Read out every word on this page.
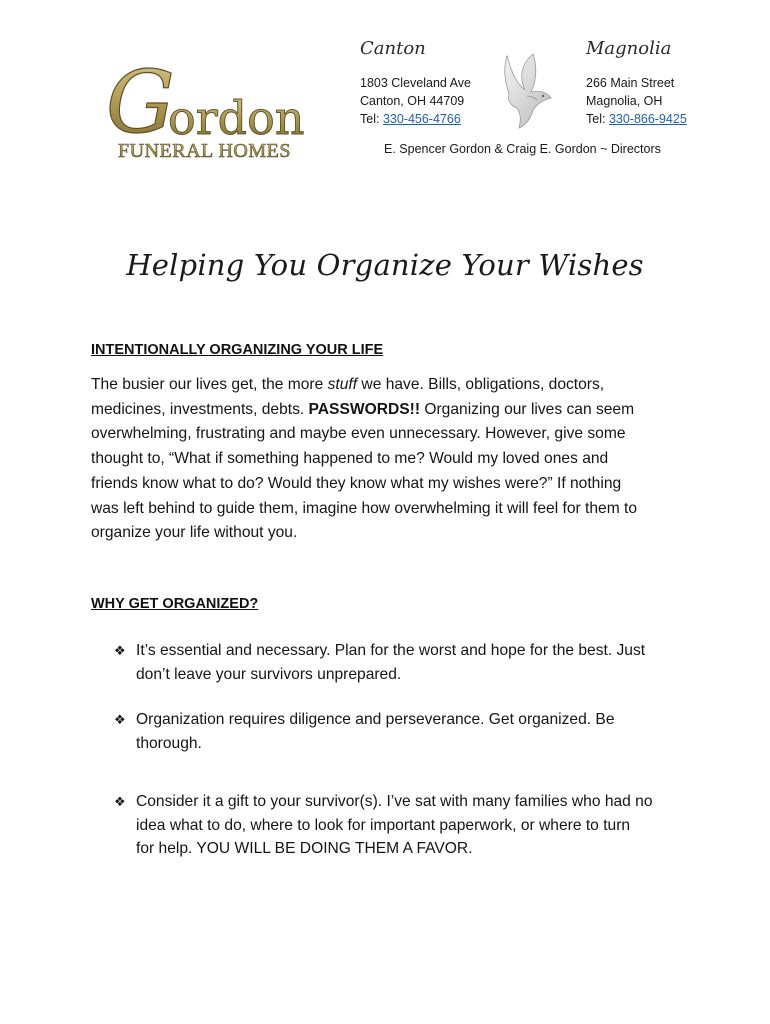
G
ordon
FUNERAL HOMES
Canton
1803 Cleveland Ave
Canton, OH 44709
Tel: 330-456-4766
Magnolia
266 Main Street
Magnolia, OH
Tel: 330-866-9425
E. Spencer Gordon & Craig E. Gordon ~ Directors
Helping You Organize Your Wishes
INTENTIONALLY ORGANIZING YOUR LIFE
The busier our lives get, the more stuff we have. Bills, obligations, doctors,
medicines, investments, debts. PASSWORDS!! Organizing our lives can seem
overwhelming, frustrating and maybe even unnecessary. However, give some
thought to, “What if something happened to me? Would my loved ones and
friends know what to do? Would they know what my wishes were?” If nothing
was left behind to guide them, imagine how overwhelming it will feel for them to
organize your life without you.
WHY GET ORGANIZED?
❖ It’s essential and necessary. Plan for the worst and hope for the best. Just
don’t leave your survivors unprepared.
❖ Organization requires diligence and perseverance. Get organized. Be
thorough.
❖ Consider it a gift to your survivor(s). I’ve sat with many families who had no
idea what to do, where to look for important paperwork, or where to turn
for help. YOU WILL BE DOING THEM A FAVOR.
